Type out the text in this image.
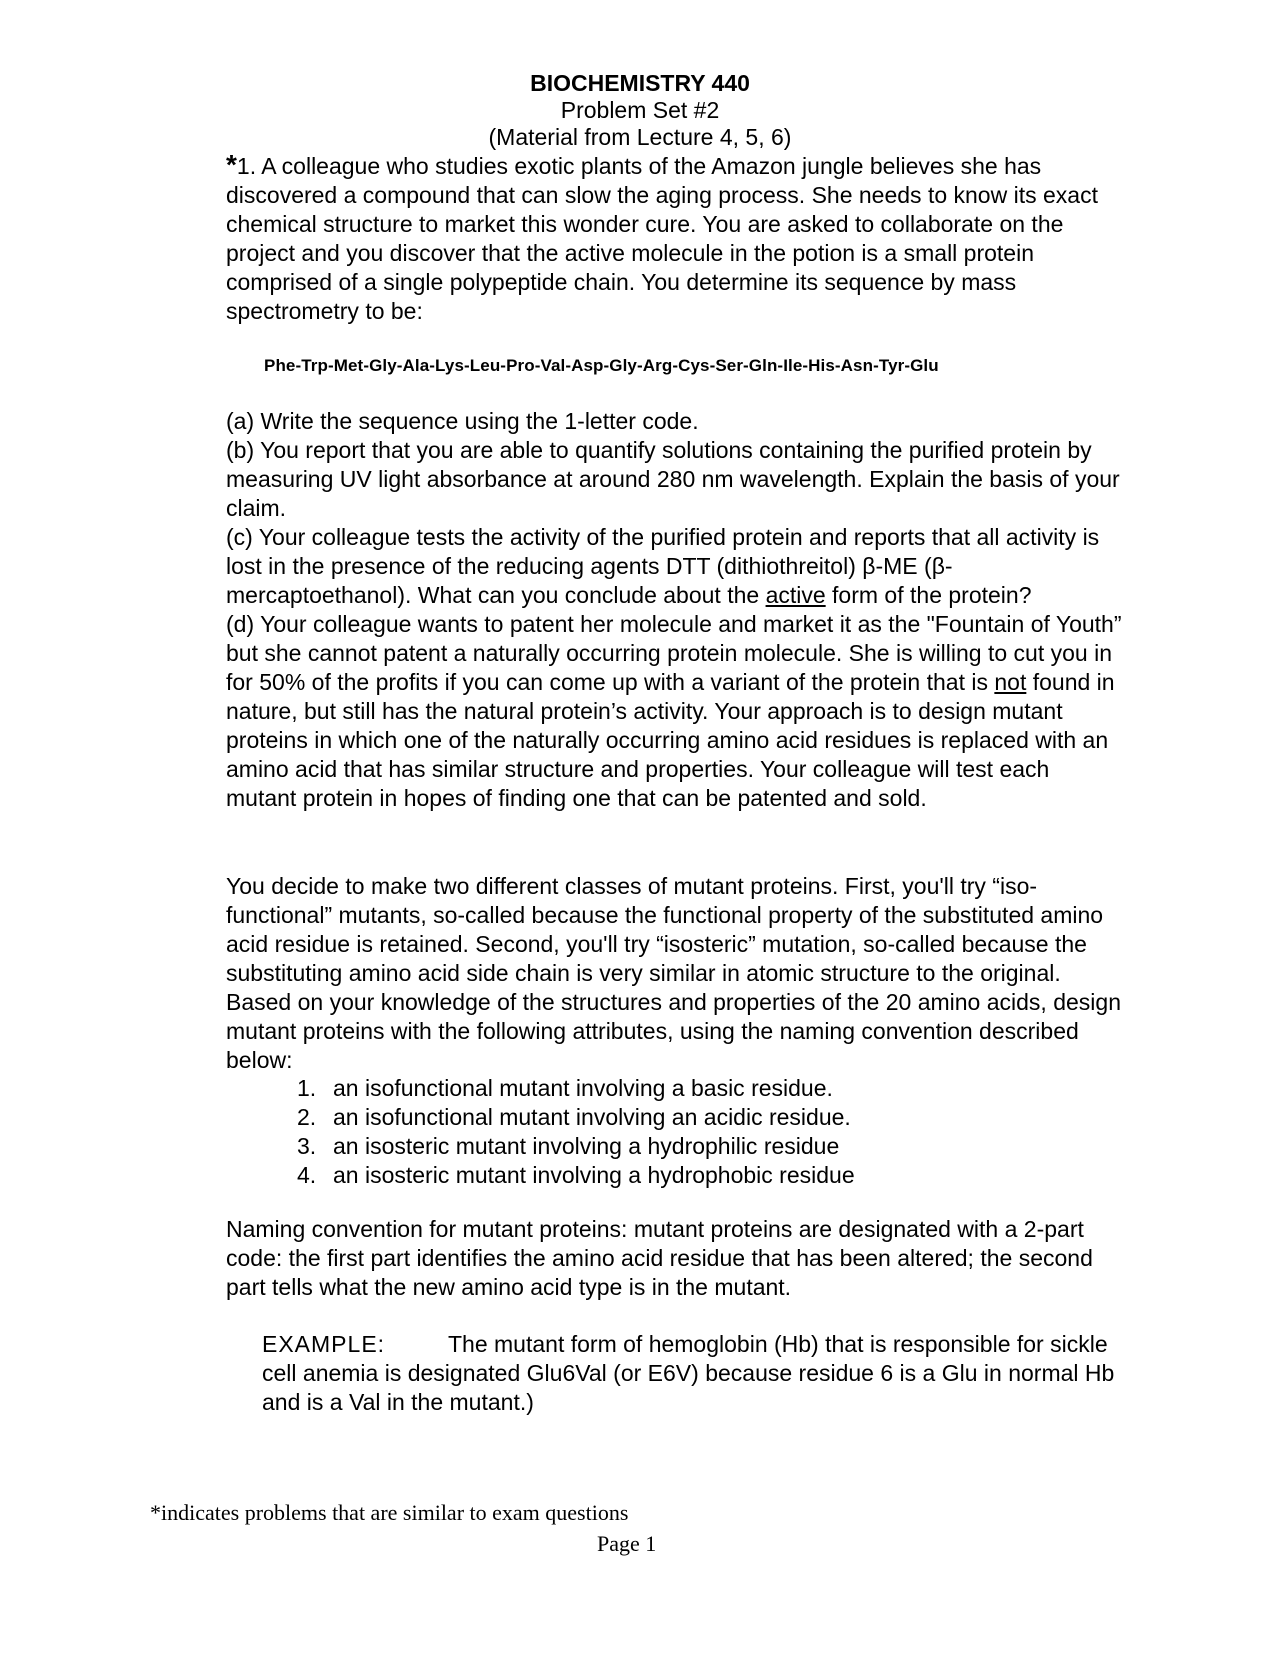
BIOCHEMISTRY 440
Problem Set #2
(Material from Lecture 4, 5, 6)

*1. A colleague who studies exotic plants of the Amazon jungle believes she has discovered a compound that can slow the aging process. She needs to know its exact chemical structure to market this wonder cure. You are asked to collaborate on the project and you discover that the active molecule in the potion is a small protein comprised of a single polypeptide chain. You determine its sequence by mass spectrometry to be:

Phe-Trp-Met-Gly-Ala-Lys-Leu-Pro-Val-Asp-Gly-Arg-Cys-Ser-Gln-Ile-His-Asn-Tyr-Glu

(a) Write the sequence using the 1-letter code.

(b) You report that you are able to quantify solutions containing the purified protein by measuring UV light absorbance at around 280 nm wavelength. Explain the basis of your claim.

(c) Your colleague tests the activity of the purified protein and reports that all activity is lost in the presence of the reducing agents DTT (dithiothreitol) β-ME (β-mercaptoethanol). What can you conclude about the active form of the protein?

(d) Your colleague wants to patent her molecule and market it as the "Fountain of Youth” but she cannot patent a naturally occurring protein molecule. She is willing to cut you in for 50% of the profits if you can come up with a variant of the protein that is not found in nature, but still has the natural protein’s activity. Your approach is to design mutant proteins in which one of the naturally occurring amino acid residues is replaced with an amino acid that has similar structure and properties. Your colleague will test each mutant protein in hopes of finding one that can be patented and sold.

You decide to make two different classes of mutant proteins. First, you'll try “iso-functional” mutants, so-called because the functional property of the substituted amino acid residue is retained. Second, you'll try “isosteric” mutation, so-called because the substituting amino acid side chain is very similar in atomic structure to the original. Based on your knowledge of the structures and properties of the 20 amino acids, design mutant proteins with the following attributes, using the naming convention described below:
1. an isofunctional mutant involving a basic residue.
2. an isofunctional mutant involving an acidic residue.
3. an isosteric mutant involving a hydrophilic residue
4. an isosteric mutant involving a hydrophobic residue
Naming convention for mutant proteins: mutant proteins are designated with a 2-part code: the first part identifies the amino acid residue that has been altered; the second part tells what the new amino acid type is in the mutant.
EXAMPLE:	The mutant form of hemoglobin (Hb) that is responsible for sickle cell anemia is designated Glu6Val (or E6V) because residue 6 is a Glu in normal Hb and is a Val in the mutant.)
*indicates problems that are similar to exam questions
Page 1
